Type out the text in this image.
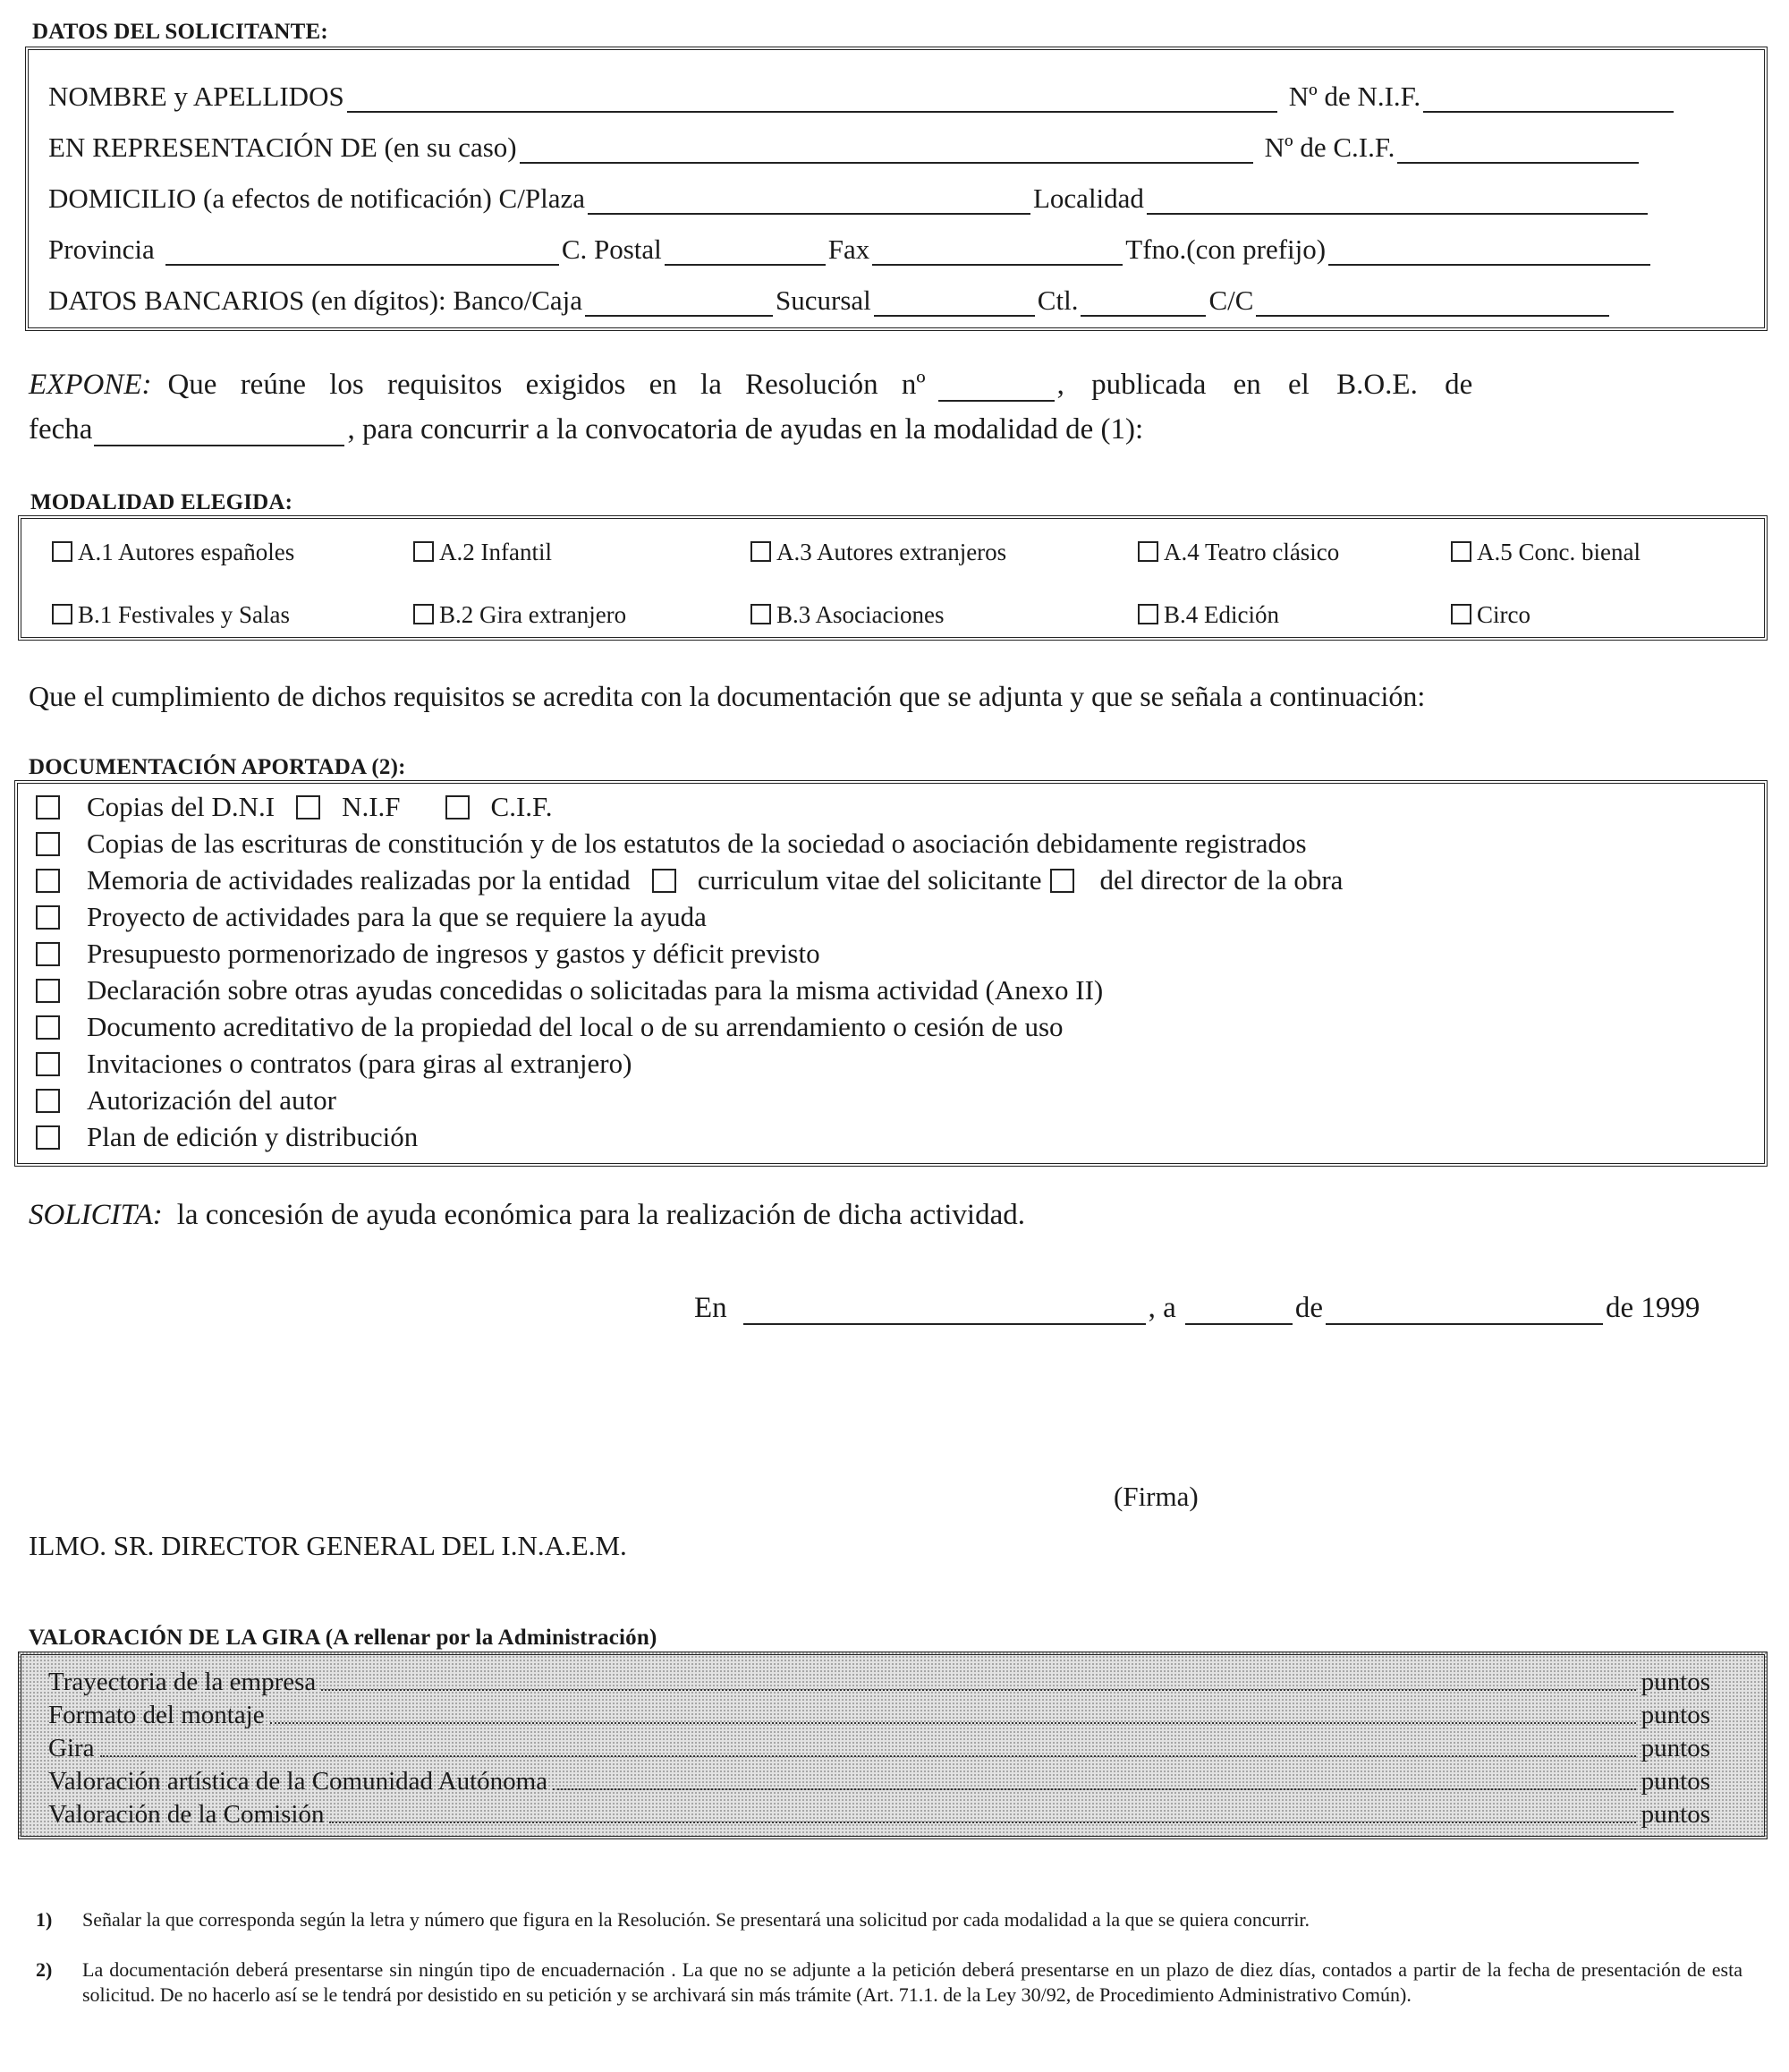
DATOS DEL SOLICITANTE:
NOMBRE y APELLIDOS	Nº de N.I.F.
EN REPRESENTACIÓN DE (en su caso)	Nº de C.I.F.
DOMICILIO (a efectos de notificación) C/Plaza	Localidad
Provincia	C. Postal	Fax	Tfno.(con prefijo)
DATOS BANCARIOS (en dígitos): Banco/Caja	Sucursal	Ctl.	C/C
EXPONE: Que reúne los requisitos exigidos en la Resolución nº	, publicada en el B.O.E. de
fecha	, para concurrir a la convocatoria de ayudas en la modalidad de (1):
MODALIDAD ELEGIDA:
A.1 Autores españoles	A.2 Infantil	A.3 Autores extranjeros	A.4 Teatro clásico	A.5 Conc. bienal
B.1 Festivales y Salas	B.2 Gira extranjero	B.3 Asociaciones	B.4 Edición	Circo
Que el cumplimiento de dichos requisitos se acredita con la documentación que se adjunta y que se señala a continuación:
DOCUMENTACIÓN APORTADA (2):
Copias del D.N.I N.I.F	C.I.F.
Copias de las escrituras de constitución y de los estatutos de la sociedad o asociación debidamente registrados
Memoria de actividades realizadas por la entidad curriculum vitae del solicitante del director de la obra
Proyecto de actividades para la que se requiere la ayuda
Presupuesto pormenorizado de ingresos y gastos y déficit previsto
Declaración sobre otras ayudas concedidas o solicitadas para la misma actividad (Anexo II)
Documento acreditativo de la propiedad del local o de su arrendamiento o cesión de uso
Invitaciones o contratos (para giras al extranjero)
Autorización del autor
Plan de edición y distribución
SOLICITA: la concesión de ayuda económica para la realización de dicha actividad.
En	, a	de	de 1999
(Firma)
ILMO. SR. DIRECTOR GENERAL DEL I.N.A.E.M.
VALORACIÓN DE LA GIRA (A rellenar por la Administración)
Trayectoria de la empresa	puntos
Formato del montaje	puntos
Gira	puntos
Valoración artística de la Comunidad Autónoma	puntos
Valoración de la Comisión	puntos
1)	Señalar la que corresponda según la letra y número que figura en la Resolución. Se presentará una solicitud por cada modalidad a la que se quiera concurrir.
2)	La documentación deberá presentarse sin ningún tipo de encuadernación . La que no se adjunte a la petición deberá presentarse en un plazo de diez días, contados a partir de la fecha de presentación de esta solicitud. De no hacerlo así se le tendrá por desistido en su petición y se archivará sin más trámite (Art. 71.1. de la Ley 30/92, de Procedimiento Administrativo Común).
